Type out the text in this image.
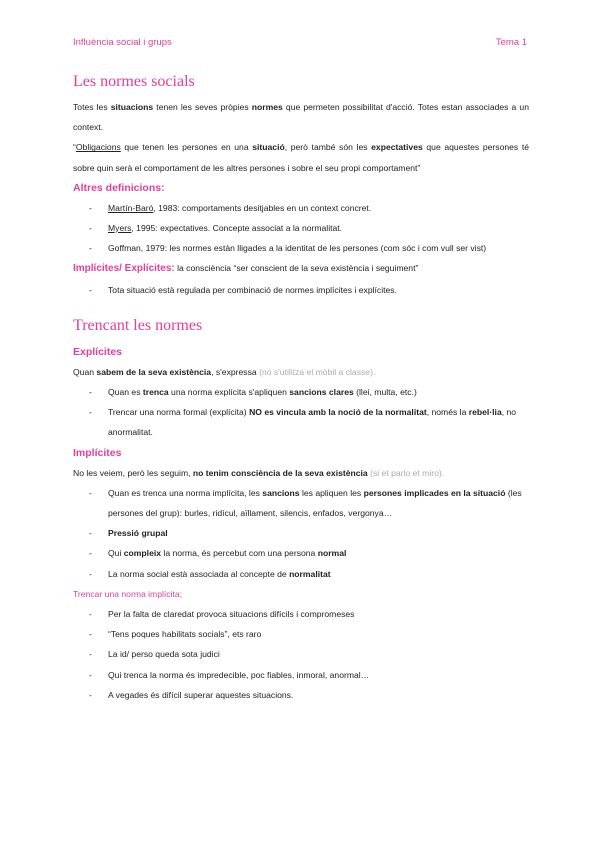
Influència social i grups	Tema 1
Les normes socials

Totes les situacions tenen les seves pròpies normes que permeten possibilitat d'acció. Totes estan associades a un context.

“Obligacions que tenen les persones en una situació, però també són les expectatives que aquestes persones té sobre quin serà el comportament de les altres persones i sobre el seu propi comportament”

Altres definicions:
- Martín-Baró, 1983: comportaments desitjables en un context concret.
- Myers, 1995: expectatives. Concepte associat a la normalitat.
- Goffman, 1979: les normes estàn lligades a la identitat de les persones (com sóc i com vull ser vist)

Implícites/ Explícites: la consciència “ser conscient de la seva existència i seguiment”

- Tota situació està regulada per combinació de normes implícites i explícites.
Trencant les normes
Explícites

Quan sabem de la seva existència, s'expressa (no s'utilitza el mòbil a classe).

- Quan es trenca una norma explícita s'apliquen sancions clares (llei, multa, etc.)
- Trencar una norma formal (explícita) NO es vincula amb la noció de la normalitat, només la rebel·lia, no anormalitat.
Implícites

No les veiem, però les seguim, no tenim consciència de la seva existència (si et parlo et miro).

- Quan es trenca una norma implícita, les sancions les apliquen les persones implicades en la situació (les persones del grup): burles, ridícul, aïllament, silencis, enfados, vergonya…
- Pressió grupal
- Qui compleix la norma, és percebut com una persona normal
- La norma social està associada al concepte de normalitat
Trencar una norma implícita;
- Per la falta de claredat provoca situacions difícils i compromeses
- “Tens poques habilitats socials”, ets raro
- La id/ perso queda sota judici
- Qui trenca la norma és impredecible, poc fiables, inmoral, anormal…
- A vegades és difícil superar aquestes situacions.
